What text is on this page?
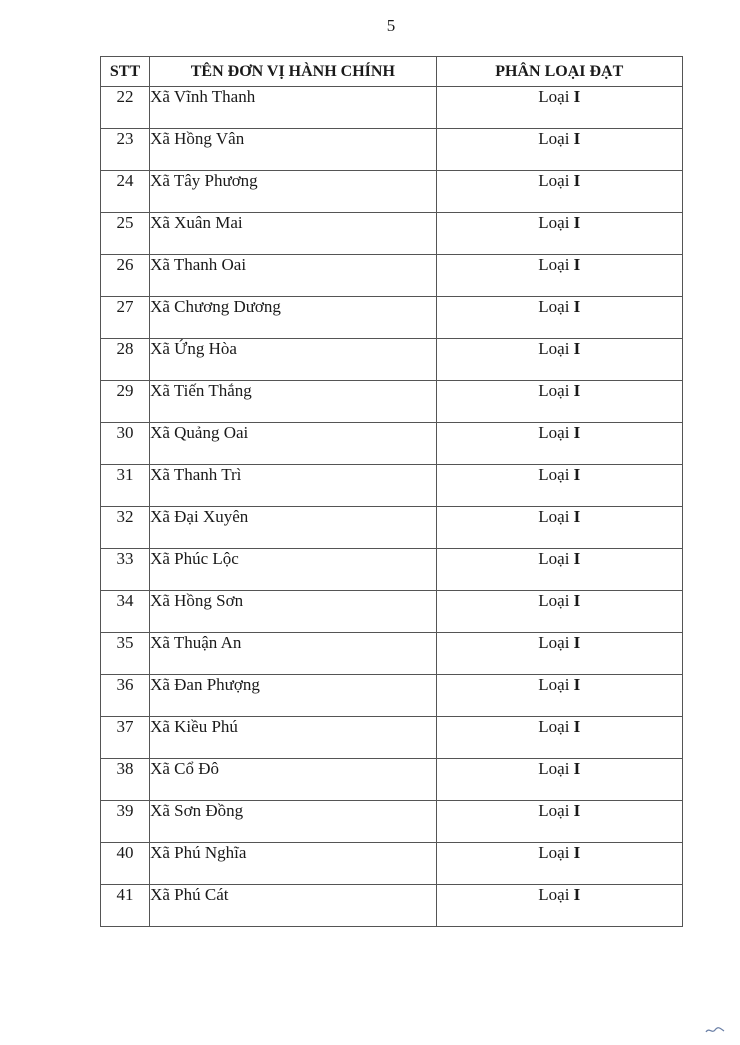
5
STT	TÊN ĐƠN VỊ HÀNH CHÍNH	PHÂN LOẠI ĐẠT
22	Xã Vĩnh Thanh	Loại I
23	Xã Hồng Vân	Loại I
24	Xã Tây Phương	Loại I
25	Xã Xuân Mai	Loại I
26	Xã Thanh Oai	Loại I
27	Xã Chương Dương	Loại I
28	Xã Ứng Hòa	Loại I
29	Xã Tiến Thắng	Loại I
30	Xã Quảng Oai	Loại I
31	Xã Thanh Trì	Loại I
32	Xã Đại Xuyên	Loại I
33	Xã Phúc Lộc	Loại I
34	Xã Hồng Sơn	Loại I
35	Xã Thuận An	Loại I
36	Xã Đan Phượng	Loại I
37	Xã Kiều Phú	Loại I
38	Xã Cổ Đô	Loại I
39	Xã Sơn Đồng	Loại I
40	Xã Phú Nghĩa	Loại I
41	Xã Phú Cát	Loại I
